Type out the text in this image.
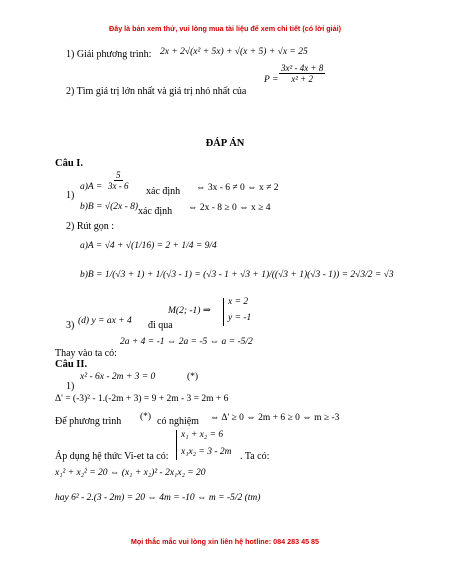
Đây là bản xem thử, vui lòng mua tài liệu để xem chi tiết (có lời giải)
1) Giải phương trình: 2x + 2√(x² + 5x) + √(x + 5) + √x = 25
2) Tìm giá trị lớn nhất và giá trị nhỏ nhất của
$P = \frac{\text{3x² - 4x + 8}}{\text{x² + 2}}$
ĐÁP ÁN
Câu I.
$a)A = \frac{5}{3x - 6}$
1)	xác định ⇔ 3x - 6 ≠ 0 ⇔ x ≠ 2
b)B = √(2x - 8) xác định ⇔ 2x - 8 ≥ 0 ⇔ x ≥ 4
2) Rút gọn :
a)A = √4 + √(1/16) = 2 + 1/4 = 9/4
b)B = 1/(√3 + 1) + 1/(√3 - 1) = (√3 - 1 + √3 + 1)/((√3 + 1)(√3 - 1)) = 2√3/2 = √3
M(2; -1) ⇒
x = 2
y = -1
3) (d) y = ax + 4 đi qua
2a + 4 = -1 ⇔ 2a = -5 ⇔ a = -5/2
Thay vào ta có:
Câu II.
1)
x² - 6x - 2m + 3 = 0	(*)
Δ' = (-3)² - 1.(-2m + 3) = 9 + 2m - 3 = 2m + 6
Để phương trình (*) có nghiệm ⇔ Δ' ≥ 0 ⇔ 2m + 6 ≥ 0 ⇔ m ≥ -3
x₁ + x₂ = 6
x₁x₂ = 3 - 2m
Áp dụng hệ thức Vi-et ta có:	. Ta có:
x₁² + x₂² = 20 ⇔ (x₁ + x₂)² - 2x₁x₂ = 20
hay 6² - 2.(3 - 2m) = 20 ⇔ 4m = -10 ⇔ m = -5/2 (tm)
Mọi thắc mắc vui lòng xin liên hệ hotline: 084 283 45 85
